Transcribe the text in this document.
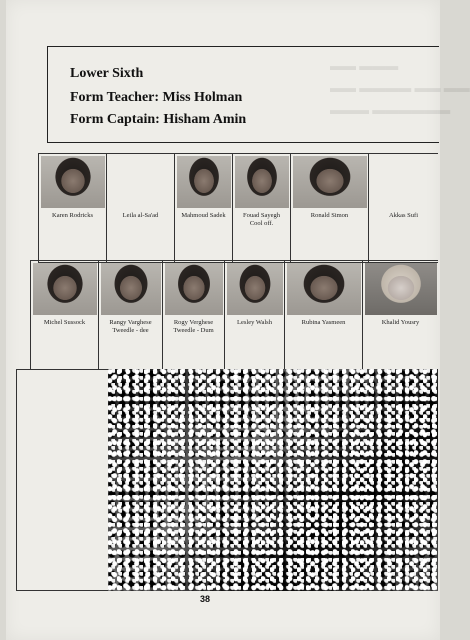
▬▬ ▬▬▬
▬▬ ▬▬▬▬ ▬▬ ▬▬
▬▬▬ ▬▬▬▬▬▬
Lower Sixth
Form Teacher: Miss Holman
Form Captain: Hisham Amin
Karen Rodricks	Leila al-Sa'ad	Mahmoud Sadek	Fouad Sayegh
Cool off.
Ronald Simon	Akkas Sufi
Michel Sussock	Rangy Varghese
Tweedle - dee
Rogy Verghese
Tweedle - Dum
Lesley Walsh	Rubina Yasmeen	Khalid Yousry
38
